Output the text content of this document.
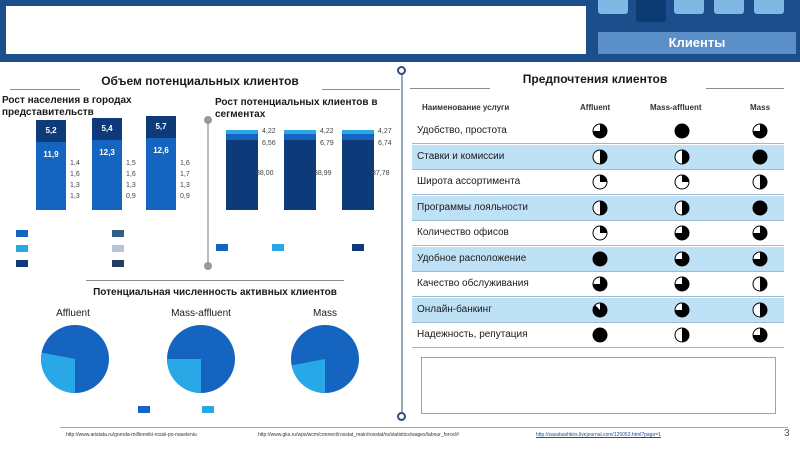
Клиенты
Объем потенциальных клиентов
Рост населения в городах представительств
Рост потенциальных клиентов в сегментах
5,2
11,9
1,4
1,6
1,3
1,3
5,4
12,3
1,5
1,6
1,3
0,9
5,7
12,6
1,6
1,7
1,3
0,9
4,22
6,56
88,00
4,22
6,79
88,99
4,27
6,74
87,78
Потенциальная численность активных клиентов
Affluent	Mass-affluent	Mass
Предпочтения клиентов
Наименование услуги	Affluent	Mass-affluent	Mass
Удобство, простота
Ставки и комиссии
Широта ассортимента
Программы лояльности
Количество офисов
Удобное расположение
Качество обслуживания
Онлайн-банкинг
Надежность, репутация
http://www.aristata.ru/goroda-millionniki-rossii-po-naseleniu	http://www.gks.ru/wps/wcm/connect/rosstat_main/rosstat/ru/statistics/wages/labour_force/#	http://sasabashkirs.livejournal.com/125053.html?page=1	3
